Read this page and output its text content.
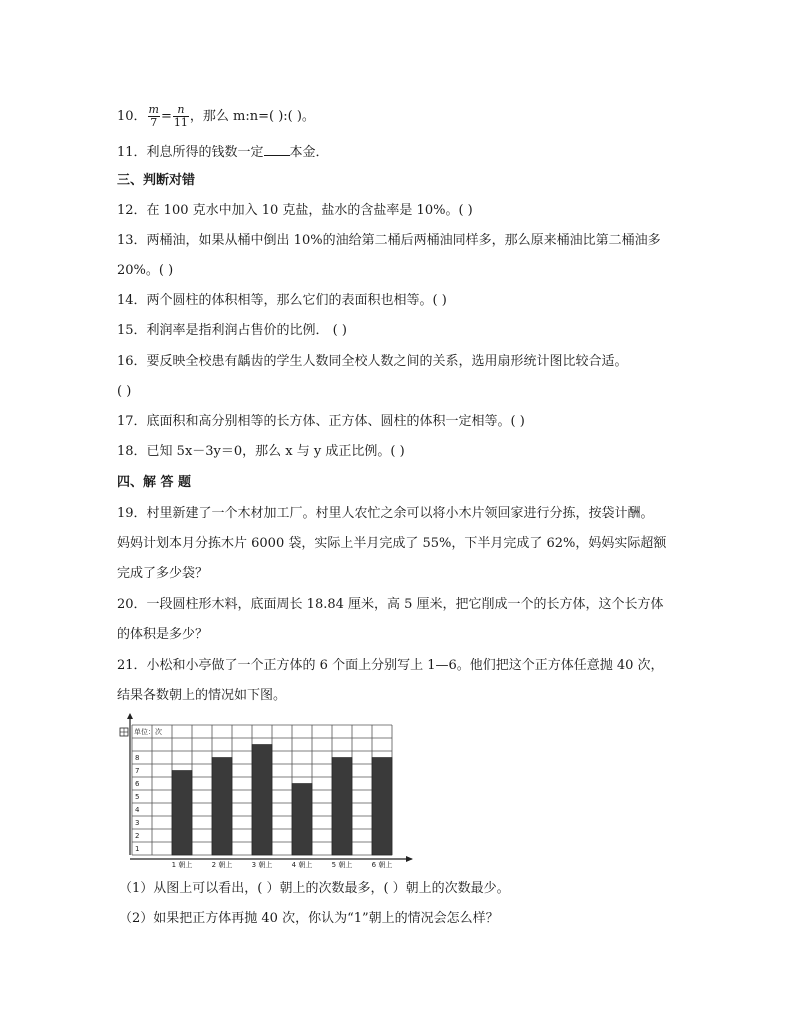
10． $\frac{m}{7} = \frac{n}{11}$ ，那么 m:n=( ):( )。
11．利息所得的钱数一定 本金．
三、判断对错
12．在 100 克水中加入 10 克盐，盐水的含盐率是 10%。( )
13．两桶油，如果从桶中倒出 10%的油给第二桶后两桶油同样多，那么原来桶油比第二桶油多
20%。( )
14．两个圆柱的体积相等，那么它们的表面积也相等。( )
15．利润率是指利润占售价的比例． ( )
16．要反映全校患有龋齿的学生人数同全校人数之间的关系，选用扇形统计图比较合适。
( )
17．底面积和高分别相等的长方体、正方体、圆柱的体积一定相等。( )
18．已知 5x－3y＝0，那么 x 与 y 成正比例。( )
四、解 答 题
19．村里新建了一个木材加工厂。村里人农忙之余可以将小木片领回家进行分拣，按袋计酬。
妈妈计划本月分拣木片 6000 袋，实际上半月完成了 55%，下半月完成了 62%，妈妈实际超额
完成了多少袋？
20．一段圆柱形木料，底面周长 18.84 厘米，高 5 厘米，把它削成一个的长方体，这个长方体
的体积是多少？
21．小松和小亭做了一个正方体的 6 个面上分别写上 1—6。他们把这个正方体任意抛 40 次，
结果各数朝上的情况如下图。
单位：次
1
2
3
4
5
6
7
8
1 朝上	2 朝上	3 朝上	4 朝上	5 朝上	6 朝上
（1）从图上可以看出，( ）朝上的次数最多，( ）朝上的次数最少。
（2）如果把正方体再抛 40 次，你认为“1”朝上的情况会怎么样？
